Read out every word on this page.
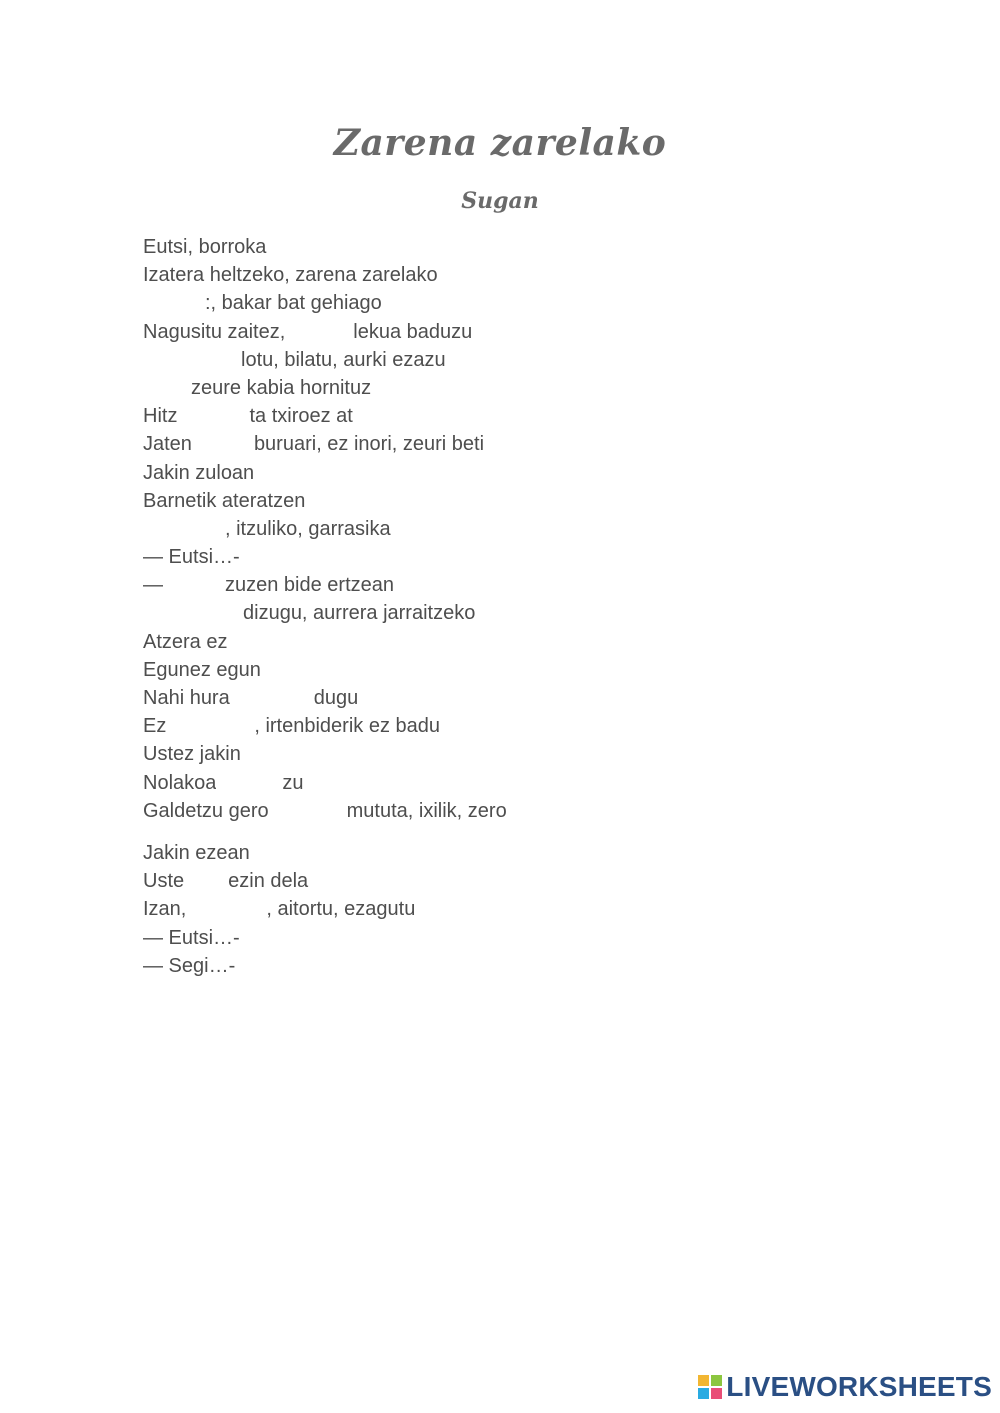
Zarena zarelako
Sugan
Eutsi, borroka
Izatera heltzeko, zarena zarelako
:, bakar bat gehiago
Nagusitu zaitez,	lekua baduzu
lotu, bilatu, aurki ezazu
zeure kabia hornituz
Hitz	ta txiroez at
Jaten	buruari, ez inori, zeuri beti
Jakin zuloan
Barnetik ateratzen
, itzuliko, garrasika
— Eutsi…-
—	zuzen bide ertzean
dizugu, aurrera jarraitzeko
Atzera ez
Egunez egun
Nahi hura	dugu
Ez	, irtenbiderik ez badu
Ustez jakin
Nolakoa	zu
Galdetzu gero	mututa, ixilik, zero
Jakin ezean
Uste ezin dela
Izan,	, aitortu, ezagutu
— Eutsi…-
— Segi…-
LIVEWORKSHEETS
